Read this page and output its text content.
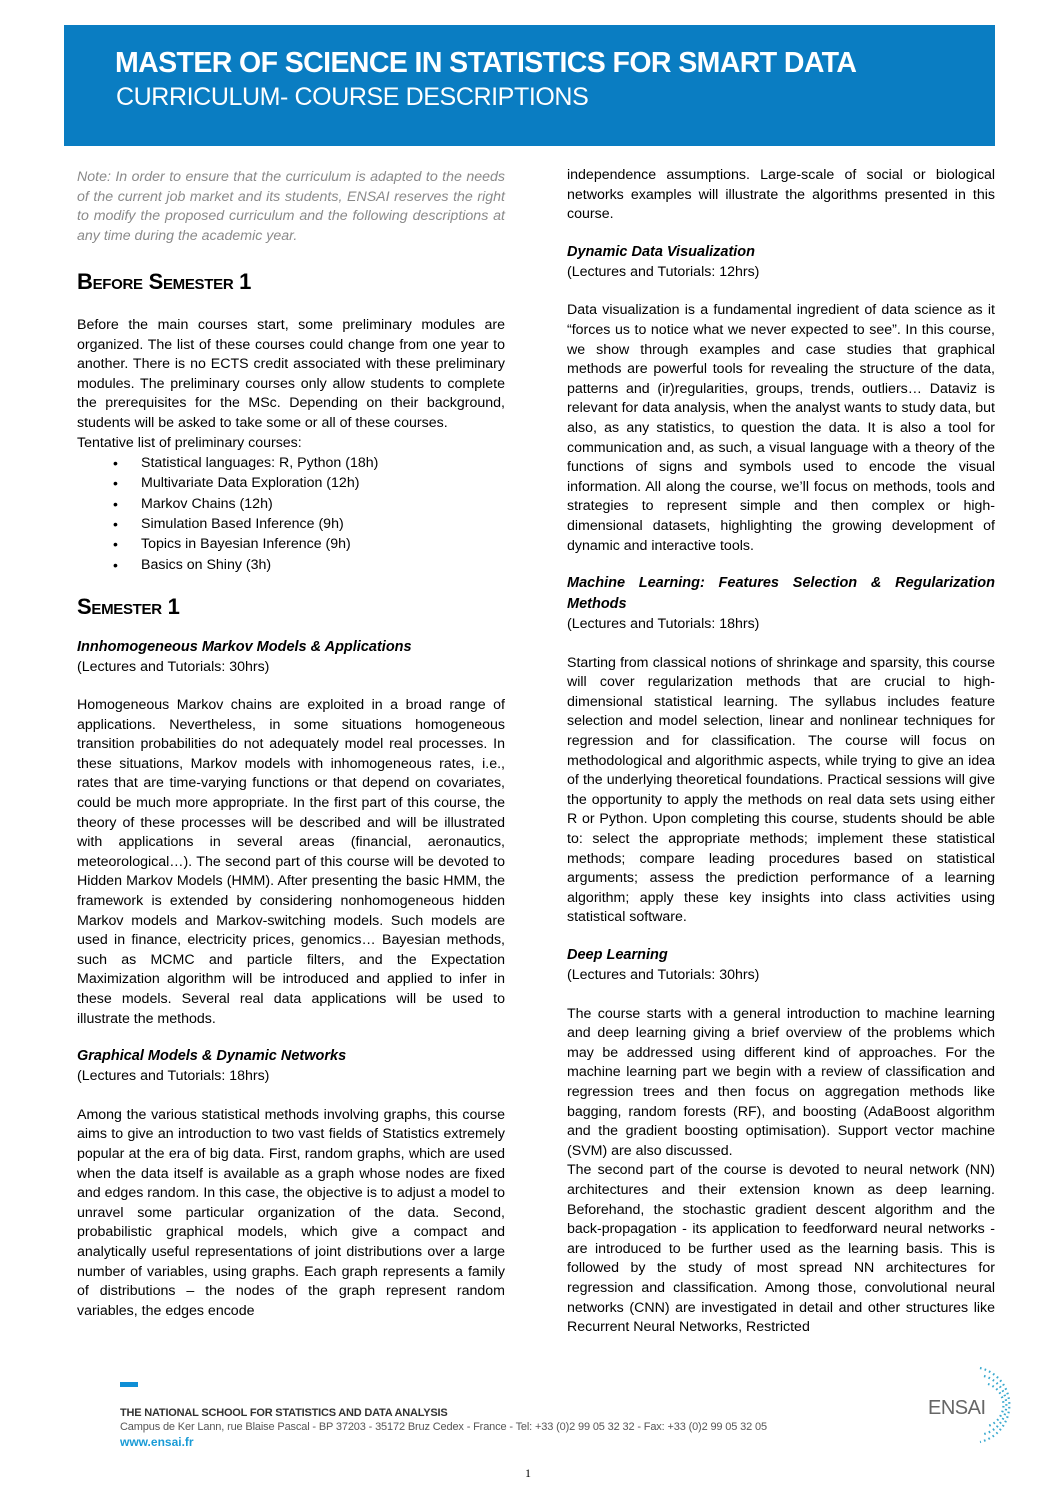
MASTER OF SCIENCE IN STATISTICS FOR SMART DATA
CURRICULUM- COURSE DESCRIPTIONS

Note: In order to ensure that the curriculum is adapted to the needs of the current job market and its students, ENSAI reserves the right to modify the proposed curriculum and the following descriptions at any time during the academic year.

Before Semester 1

Before the main courses start, some preliminary modules are organized. The list of these courses could change from one year to another. There is no ECTS credit associated with these preliminary modules. The preliminary courses only allow students to complete the prerequisites for the MSc. Depending on their background, students will be asked to take some or all of these courses.

Tentative list of preliminary courses:

• Statistical languages: R, Python (18h)
• Multivariate Data Exploration (12h)
• Markov Chains (12h)
• Simulation Based Inference (9h)
• Topics in Bayesian Inference (9h)
• Basics on Shiny (3h)
Semester 1
Innhomogeneous Markov Models & Applications

(Lectures and Tutorials: 30hrs)

Homogeneous Markov chains are exploited in a broad range of applications. Nevertheless, in some situations homogeneous transition probabilities do not adequately model real processes. In these situations, Markov models with inhomogeneous rates, i.e., rates that are time-varying functions or that depend on covariates, could be much more appropriate. In the first part of this course, the theory of these processes will be described and will be illustrated with applications in several areas (financial, aeronautics, meteorological…). The second part of this course will be devoted to Hidden Markov Models (HMM). After presenting the basic HMM, the framework is extended by considering nonhomogeneous hidden Markov models and Markov-switching models. Such models are used in finance, electricity prices, genomics… Bayesian methods, such as MCMC and particle filters, and the Expectation Maximization algorithm will be introduced and applied to infer in these models. Several real data applications will be used to illustrate the methods.

Graphical Models & Dynamic Networks

(Lectures and Tutorials: 18hrs)

Among the various statistical methods involving graphs, this course aims to give an introduction to two vast fields of Statistics extremely popular at the era of big data. First, random graphs, which are used when the data itself is available as a graph whose nodes are fixed and edges random. In this case, the objective is to adjust a model to unravel some particular organization of the data. Second, probabilistic graphical models, which give a compact and analytically useful representations of joint distributions over a large number of variables, using graphs. Each graph represents a family of distributions – the nodes of the graph represent random variables, the edges encode

independence assumptions. Large-scale of social or biological networks examples will illustrate the algorithms presented in this course.

Dynamic Data Visualization

(Lectures and Tutorials: 12hrs)

Data visualization is a fundamental ingredient of data science as it “forces us to notice what we never expected to see”. In this course, we show through examples and case studies that graphical methods are powerful tools for revealing the structure of the data, patterns and (ir)regularities, groups, trends, outliers… Dataviz is relevant for data analysis, when the analyst wants to study data, but also, as any statistics, to question the data. It is also a tool for communication and, as such, a visual language with a theory of the functions of signs and symbols used to encode the visual information. All along the course, we’ll focus on methods, tools and strategies to represent simple and then complex or high-dimensional datasets, highlighting the growing development of dynamic and interactive tools.

Machine Learning: Features Selection & Regularization Methods

(Lectures and Tutorials: 18hrs)

Starting from classical notions of shrinkage and sparsity, this course will cover regularization methods that are crucial to high-dimensional statistical learning. The syllabus includes feature selection and model selection, linear and nonlinear techniques for regression and for classification. The course will focus on methodological and algorithmic aspects, while trying to give an idea of the underlying theoretical foundations. Practical sessions will give the opportunity to apply the methods on real data sets using either R or Python. Upon completing this course, students should be able to: select the appropriate methods; implement these statistical methods; compare leading procedures based on statistical arguments; assess the prediction performance of a learning algorithm; apply these key insights into class activities using statistical software.

Deep Learning

(Lectures and Tutorials: 30hrs)

The course starts with a general introduction to machine learning and deep learning giving a brief overview of the problems which may be addressed using different kind of approaches. For the machine learning part we begin with a review of classification and regression trees and then focus on aggregation methods like bagging, random forests (RF), and boosting (AdaBoost algorithm and the gradient boosting optimisation). Support vector machine (SVM) are also discussed.

The second part of the course is devoted to neural network (NN) architectures and their extension known as deep learning. Beforehand, the stochastic gradient descent algorithm and the back-propagation - its application to feedforward neural networks - are introduced to be further used as the learning basis. This is followed by the study of most spread NN architectures for regression and classification. Among those, convolutional neural networks (CNN) are investigated in detail and other structures like Recurrent Neural Networks, Restricted

THE NATIONAL SCHOOL FOR STATISTICS AND DATA ANALYSIS
Campus de Ker Lann, rue Blaise Pascal - BP 37203 - 35172 Bruz Cedex - France - Tel: +33 (0)2 99 05 32 32 - Fax: +33 (0)2 99 05 32 05
www.ensai.fr
ENSAI
1
